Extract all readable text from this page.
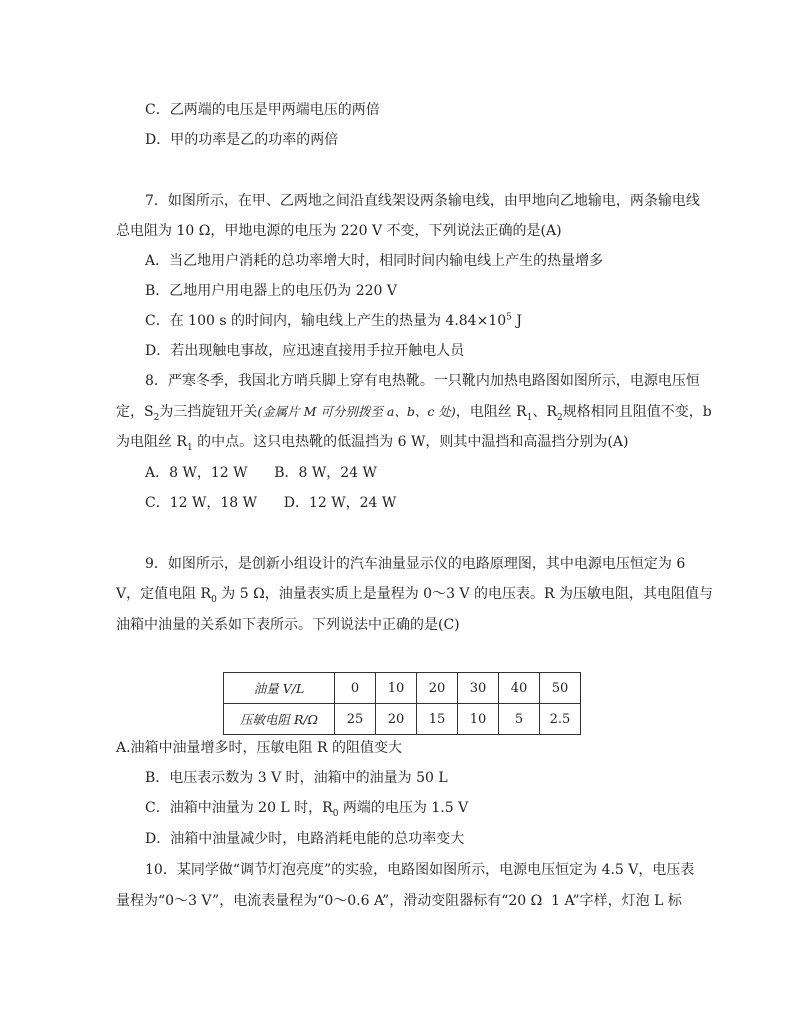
C．乙两端的电压是甲两端电压的两倍
D．甲的功率是乙的功率的两倍
7．如图所示，在甲、乙两地之间沿直线架设两条输电线，由甲地向乙地输电，两条输电线
总电阻为 10 Ω，甲地电源的电压为 220 V 不变，下列说法正确的是(A)
A．当乙地用户消耗的总功率增大时，相同时间内输电线上产生的热量增多
B．乙地用户用电器上的电压仍为 220 V
C．在 100 s 的时间内，输电线上产生的热量为 $4.84\times 10^5$ J
D．若出现触电事故，应迅速直接用手拉开触电人员
8．严寒冬季，我国北方哨兵脚上穿有电热靴。一只靴内加热电路图如图所示，电源电压恒
定，$S_2$为三挡旋钮开关(金属片 M 可分别拨至 a、b、c 处)，电阻丝 $R_1$、$R_2$规格相同且阻值不变，b
为电阻丝 $R_1$ 的中点。这只电热靴的低温挡为 6 W，则其中温挡和高温挡分别为(A)
A．8 W，12 W      B．8 W，24 W
C．12 W，18 W      D．12 W，24 W
9．如图所示，是创新小组设计的汽车油量显示仪的电路原理图，其中电源电压恒定为 6
V，定值电阻 $R_0$ 为 5 Ω，油量表实质上是量程为 0～3 V 的电压表。R 为压敏电阻，其电阻值与
油箱中油量的关系如下表所示。下列说法中正确的是(C)
油量 V/L	0	10	20	30	40	50
压敏电阻 R/Ω	25	20	15	10	5	2.5
A.油箱中油量增多时，压敏电阻 R 的阻值变大
B．电压表示数为 3 V 时，油箱中的油量为 50 L
C．油箱中油量为 20 L 时，$R_0$ 两端的电压为 1.5 V
D．油箱中油量减少时，电路消耗电能的总功率变大
10．某同学做“调节灯泡亮度”的实验，电路图如图所示，电源电压恒定为 4.5 V，电压表
量程为“0～3 V”，电流表量程为“0～0.6 A”，滑动变阻器标有“20 Ω  1 A”字样，灯泡 L 标
